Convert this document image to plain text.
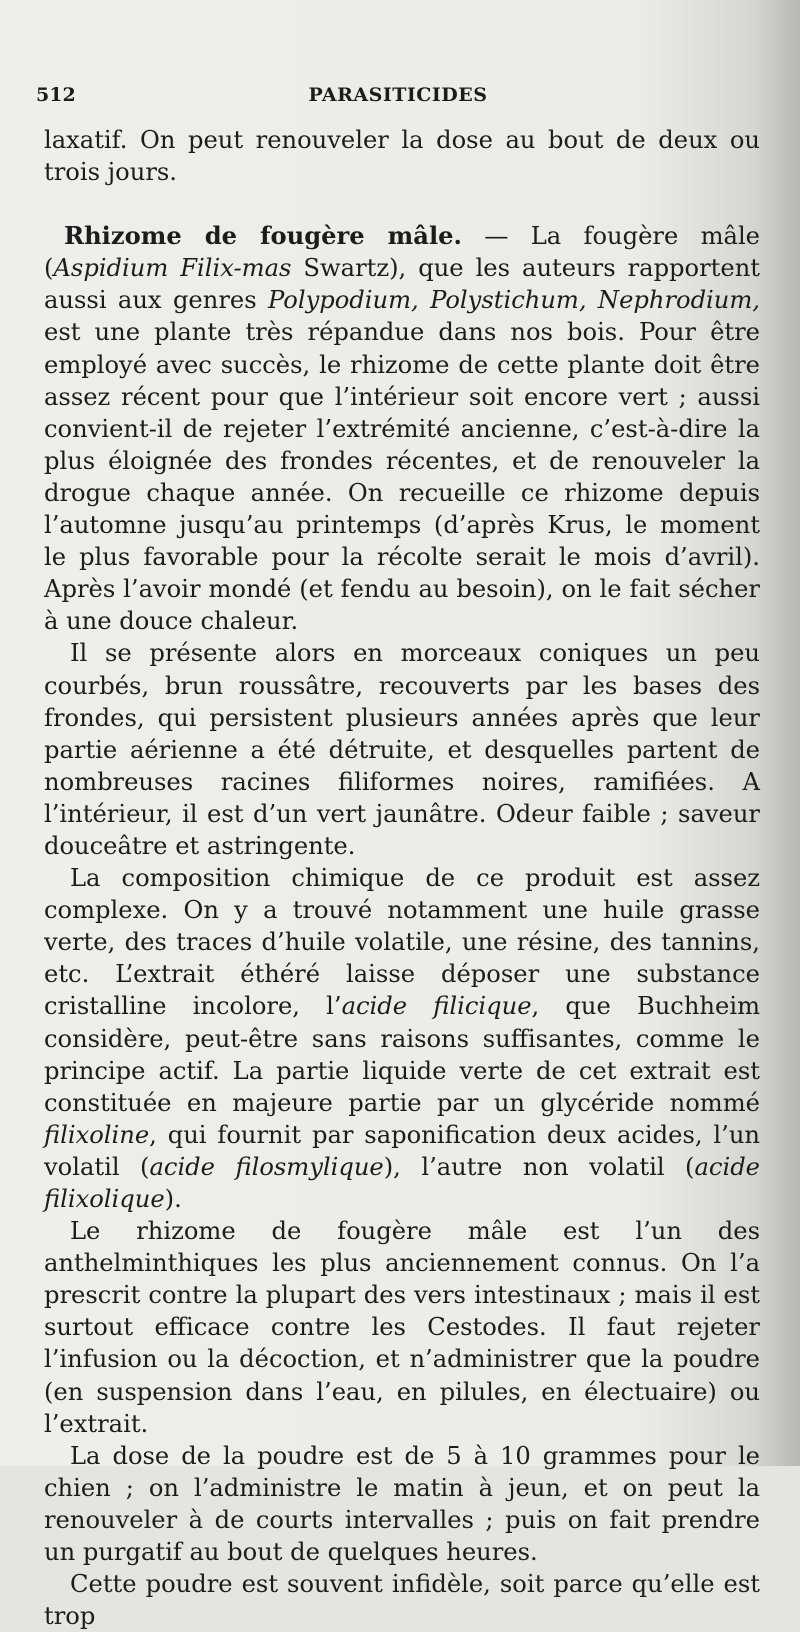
512	PARASITICIDES

laxatif. On peut renouveler la dose au bout de deux ou trois jours.

Rhizome de fougère mâle. — La fougère mâle (Aspidium Filix-mas Swartz), que les auteurs rapportent aussi aux genres Polypodium, Polystichum, Nephrodium, est une plante très répandue dans nos bois. Pour être employé avec succès, le rhizome de cette plante doit être assez récent pour que l’intérieur soit encore vert ; aussi convient-il de rejeter l’extrémité ancienne, c’est-à-dire la plus éloignée des frondes récentes, et de renouveler la drogue chaque année. On recueille ce rhizome depuis l’automne jusqu’au printemps (d’après Krus, le moment le plus favorable pour la récolte serait le mois d’avril). Après l’avoir mondé (et fendu au besoin), on le fait sécher à une douce chaleur.

Il se présente alors en morceaux coniques un peu courbés, brun roussâtre, recouverts par les bases des frondes, qui persistent plusieurs années après que leur partie aérienne a été détruite, et desquelles partent de nombreuses racines filiformes noires, ramifiées. A l’intérieur, il est d’un vert jaunâtre. Odeur faible ; saveur douceâtre et astringente.

La composition chimique de ce produit est assez complexe. On y a trouvé notamment une huile grasse verte, des traces d’huile volatile, une résine, des tannins, etc. L’extrait éthéré laisse déposer une substance cristalline incolore, l’acide filicique, que Buchheim considère, peut-être sans raisons suffisantes, comme le principe actif. La partie liquide verte de cet extrait est constituée en majeure partie par un glycéride nommé filixoline, qui fournit par saponification deux acides, l’un volatil (acide filosmylique), l’autre non volatil (acide filixolique).

Le rhizome de fougère mâle est l’un des anthelminthiques les plus anciennement connus. On l’a prescrit contre la plupart des vers intestinaux ; mais il est surtout efficace contre les Cestodes. Il faut rejeter l’infusion ou la décoction, et n’administrer que la poudre (en suspension dans l’eau, en pilules, en électuaire) ou l’extrait.

La dose de la poudre est de 5 à 10 grammes pour le chien ; on l’administre le matin à jeun, et on peut la renouveler à de courts intervalles ; puis on fait prendre un purgatif au bout de quelques heures.

Cette poudre est souvent infidèle, soit parce qu’elle est trop
